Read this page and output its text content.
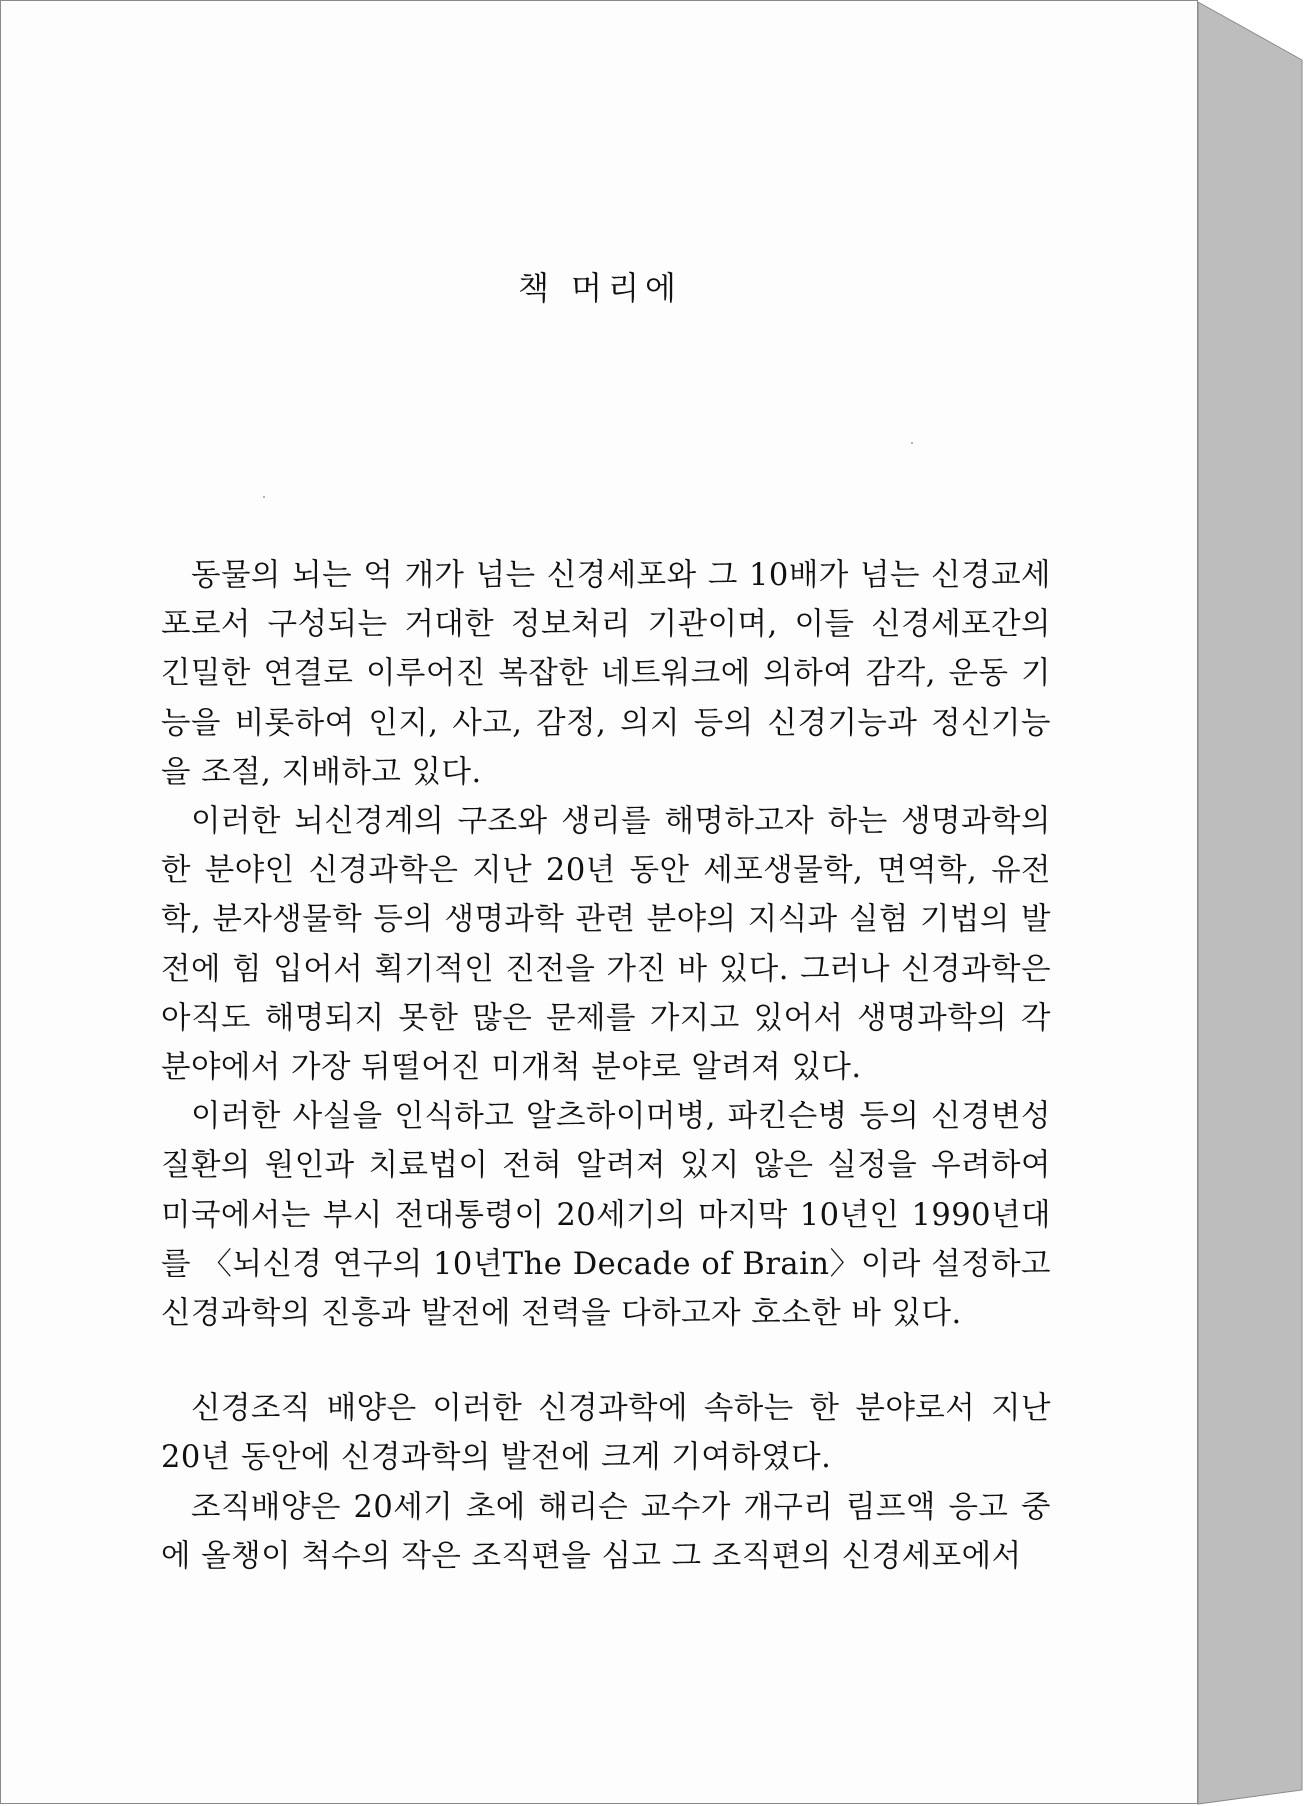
책 머리에

동물의 뇌는 억 개가 넘는 신경세포와 그 10배가 넘는 신경교세포로서 구성되는 거대한 정보처리 기관이며, 이들 신경세포간의 긴밀한 연결로 이루어진 복잡한 네트워크에 의하여 감각, 운동 기능을 비롯하여 인지, 사고, 감정, 의지 등의 신경기능과 정신기능을 조절, 지배하고 있다.

이러한 뇌신경계의 구조와 생리를 해명하고자 하는 생명과학의 한 분야인 신경과학은 지난 20년 동안 세포생물학, 면역학, 유전학, 분자생물학 등의 생명과학 관련 분야의 지식과 실험 기법의 발전에 힘 입어서 획기적인 진전을 가진 바 있다. 그러나 신경과학은 아직도 해명되지 못한 많은 문제를 가지고 있어서 생명과학의 각 분야에서 가장 뒤떨어진 미개척 분야로 알려져 있다.

이러한 사실을 인식하고 알츠하이머병, 파킨슨병 등의 신경변성 질환의 원인과 치료법이 전혀 알려져 있지 않은 실정을 우려하여 미국에서는 부시 전대통령이 20세기의 마지막 10년인 1990년대를 〈뇌신경 연구의 10년The Decade of Brain〉이라 설정하고 신경과학의 진흥과 발전에 전력을 다하고자 호소한 바 있다.

신경조직 배양은 이러한 신경과학에 속하는 한 분야로서 지난 20년 동안에 신경과학의 발전에 크게 기여하였다.

조직배양은 20세기 초에 해리슨 교수가 개구리 림프액 응고 중에 올챙이 척수의 작은 조직편을 심고 그 조직편의 신경세포에서
